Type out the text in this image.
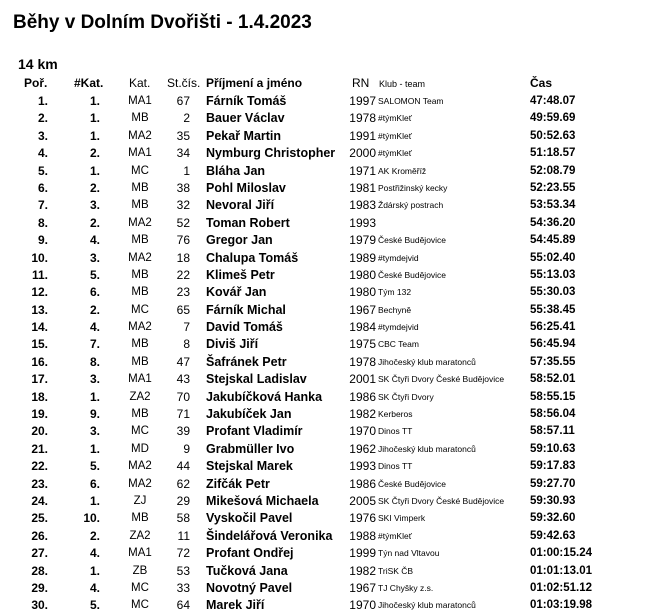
Běhy v Dolním Dvořišti - 1.4.2023
14 km
Poř. #Kat. Kat. St.čís. Příjmení a jméno	RN Klub - team	Čas
1.	1.	MA1	67 Fárník Tomáš	1997 SALOMON Team	47:48.07
2.	1.	MB	2 Bauer Václav	1978 #týmKleť	49:59.69
3.	1.	MA2	35 Pekař Martin	1991 #týmKleť	50:52.63
4.	2.	MA1	34 Nymburg Christopher 2000 #týmKleť	51:18.57
5.	1.	MC	1 Bláha Jan	1971 AK Kroměříž	52:08.79
6.	2.	MB	38 Pohl Miloslav	1981 Postřižinský kecky	52:23.55
7.	3.	MB	32 Nevoral Jiří	1983 Ždárský postrach	53:53.34
8.	2.	MA2	52 Toman Robert	1993	54:36.20
9.	4.	MB	76 Gregor Jan	1979 České Budějovice	54:45.89
10.	3.	MA2	18 Chalupa Tomáš	1989 #tymdejvid	55:02.40
11.	5.	MB	22 Klimeš Petr	1980 České Budějovice	55:13.03
12.	6.	MB	23 Kovář Jan	1980 Tým 132	55:30.03
13.	2.	MC	65 Fárník Michal	1967 Bechyně	55:38.45
14.	4.	MA2	7 David Tomáš	1984 #tymdejvid	56:25.41
15.	7.	MB	8 Diviš Jiří	1975 CBC Team	56:45.94
16.	8.	MB	47 Šafránek Petr	1978 Jihočeský klub maratonců	57:35.55
17.	3.	MA1	43 Stejskal Ladislav	2001 SK Čtyři Dvory České Budějovice 58:52.01
18.	1.	ZA2	70 Jakubíčková Hanka 1986 SK Čtyři Dvory	58:55.15
19.	9.	MB	71 Jakubíček Jan	1982 Kerberos	58:56.04
20.	3.	MC	39 Profant Vladimír	1970 Dinos TT	58:57.11
21.	1.	MD	9 Grabmüller Ivo	1962 Jihočeský klub maratonců	59:10.63
22.	5.	MA2	44 Stejskal Marek	1993 Dinos TT	59:17.83
23.	6.	MA2	62 Zifčák Petr	1986 České Budějovice	59:27.70
24.	1.	ZJ	29 Mikešová Michaela	2005 SK Čtyři Dvory České Budějovice 59:30.93
25.	10.	MB	58 Vyskočil Pavel	1976 SKI Vimperk	59:32.60
26.	2.	ZA2	11 Šindelářová Veronika 1988 #týmKleť	59:42.63
27.	4.	MA1	72 Profant Ondřej	1999 Týn nad Vltavou	01:00:15.24
28.	1.	ZB	53 Tučková Jana	1982 TriSK ČB	01:01:13.01
29.	4.	MC	33 Novotný Pavel	1967 TJ Chyšky z.s.	01:02:51.12
30.	5.	MC	64 Marek Jiří	1970 Jihočeský klub maratonců	01:03:19.98
